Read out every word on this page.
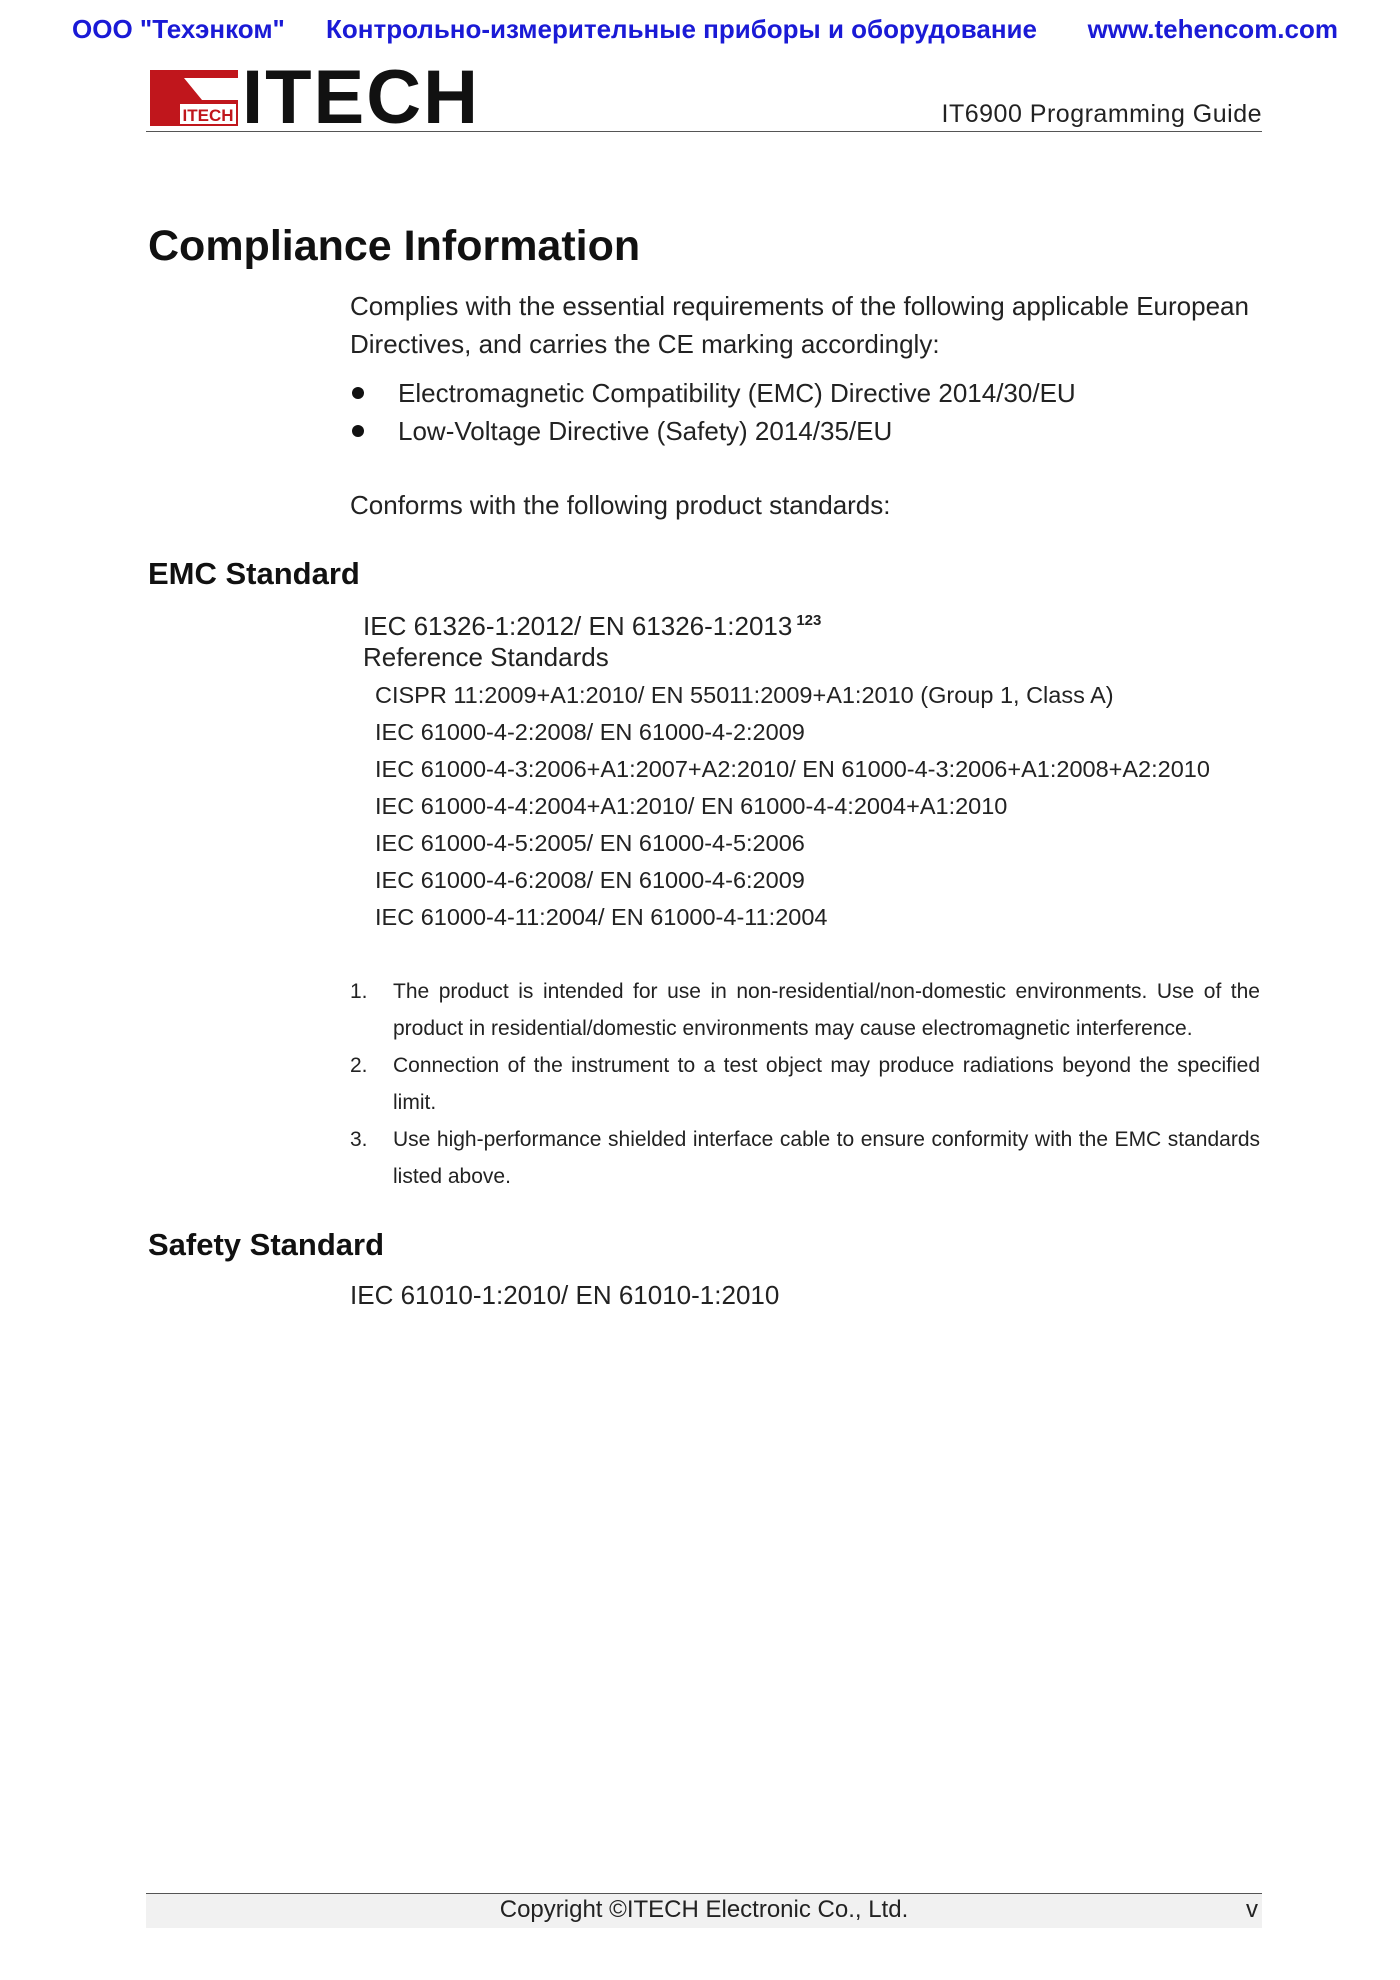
ООО "Техэнком" Контрольно-измерительные приборы и оборудование www.tehencom.com
ITECH ITECH	IT6900 Programming Guide
Compliance Information

Complies with the essential requirements of the following applicable European Directives, and carries the CE marking accordingly:

Electromagnetic Compatibility (EMC) Directive 2014/30/EU
Low-Voltage Directive (Safety) 2014/35/EU

Conforms with the following product standards:

EMC Standard
IEC 61326-1:2012/ EN 61326-1:2013 $^{123}$
Reference Standards
CISPR 11:2009+A1:2010/ EN 55011:2009+A1:2010 (Group 1, Class A)
IEC 61000-4-2:2008/ EN 61000-4-2:2009
IEC 61000-4-3:2006+A1:2007+A2:2010/ EN 61000-4-3:2006+A1:2008+A2:2010
IEC 61000-4-4:2004+A1:2010/ EN 61000-4-4:2004+A1:2010
IEC 61000-4-5:2005/ EN 61000-4-5:2006
IEC 61000-4-6:2008/ EN 61000-4-6:2009
IEC 61000-4-11:2004/ EN 61000-4-11:2004
1. The product is intended for use in non-residential/non-domestic environments. Use of the product in residential/domestic environments may cause electromagnetic interference.
2. Connection of the instrument to a test object may produce radiations beyond the specified limit.
3. Use high-performance shielded interface cable to ensure conformity with the EMC standards listed above.
Safety Standard
IEC 61010-1:2010/ EN 61010-1:2010
Copyright ©ITECH Electronic Co., Ltd.	v
